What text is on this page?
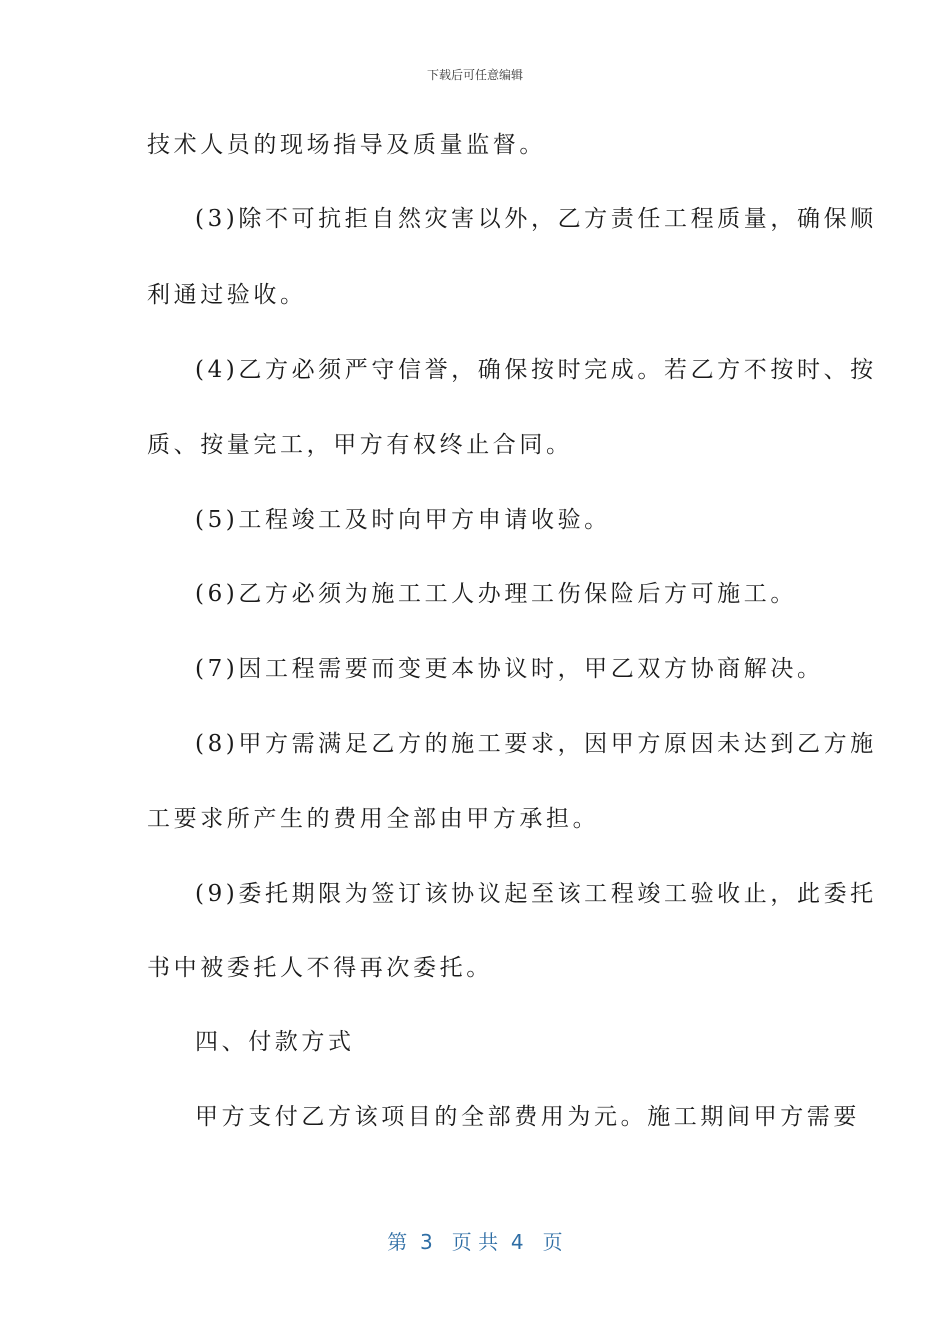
下载后可任意编辑
技术人员的现场指导及质量监督。
(3)除不可抗拒自然灾害以外，乙方责任工程质量，确保顺
利通过验收。
(4)乙方必须严守信誉，确保按时完成。若乙方不按时、按
质、按量完工，甲方有权终止合同。
(5)工程竣工及时向甲方申请收验。
(6)乙方必须为施工工人办理工伤保险后方可施工。
(7)因工程需要而变更本协议时，甲乙双方协商解决。
(8)甲方需满足乙方的施工要求，因甲方原因未达到乙方施
工要求所产生的费用全部由甲方承担。
(9)委托期限为签订该协议起至该工程竣工验收止，此委托
书中被委托人不得再次委托。
四、付款方式
甲方支付乙方该项目的全部费用为元。施工期间甲方需要
第  3   页 共  4   页
